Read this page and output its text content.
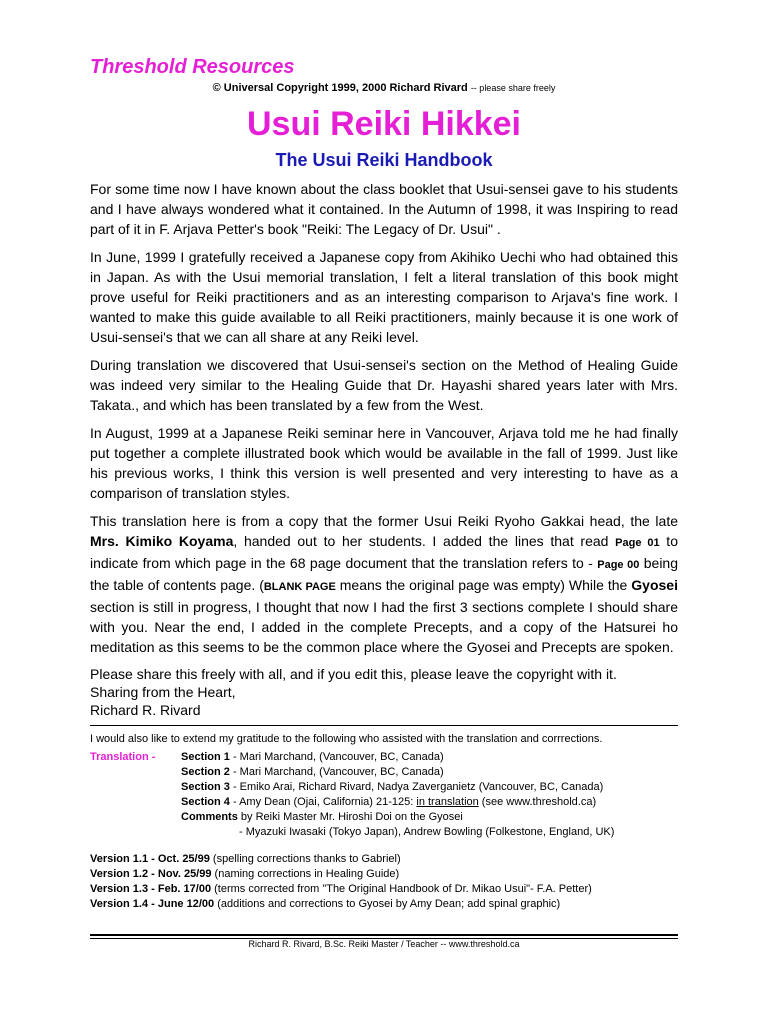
Threshold Resources

© Universal Copyright 1999, 2000 Richard Rivard -- please share freely

Usui Reiki Hikkei
The Usui Reiki Handbook

For some time now I have known about the class booklet that Usui-sensei gave to his students and I have always wondered what it contained. In the Autumn of 1998, it was Inspiring to read part of it in F. Arjava Petter's book "Reiki: The Legacy of Dr. Usui" .

In June, 1999 I gratefully received a Japanese copy from Akihiko Uechi who had obtained this in Japan. As with the Usui memorial translation, I felt a literal translation of this book might prove useful for Reiki practitioners and as an interesting comparison to Arjava's fine work. I wanted to make this guide available to all Reiki practitioners, mainly because it is one work of Usui-sensei's that we can all share at any Reiki level.

During translation we discovered that Usui-sensei's section on the Method of Healing Guide was indeed very similar to the Healing Guide that Dr. Hayashi shared years later with Mrs. Takata., and which has been translated by a few from the West.

In August, 1999 at a Japanese Reiki seminar here in Vancouver, Arjava told me he had finally put together a complete illustrated book which would be available in the fall of 1999. Just like his previous works, I think this version is well presented and very interesting to have as a comparison of translation styles.

This translation here is from a copy that the former Usui Reiki Ryoho Gakkai head, the late Mrs. Kimiko Koyama, handed out to her students. I added the lines that read Page 01 to indicate from which page in the 68 page document that the translation refers to - Page 00 being the table of contents page. (BLANK PAGE means the original page was empty) While the Gyosei section is still in progress, I thought that now I had the first 3 sections complete I should share with you. Near the end, I added in the complete Precepts, and a copy of the Hatsurei ho meditation as this seems to be the common place where the Gyosei and Precepts are spoken.

Please share this freely with all, and if you edit this, please leave the copyright with it.
Sharing from the Heart,
Richard R. Rivard

I would also like to extend my gratitude to the following who assisted with the translation and corrrections.

Translation -	Section 1 - Mari Marchand, (Vancouver, BC, Canada)
Section 2 - Mari Marchand, (Vancouver, BC, Canada)
Section 3 - Emiko Arai, Richard Rivard, Nadya Zaverganietz (Vancouver, BC, Canada)
Section 4 - Amy Dean (Ojai, California) 21-125: in translation (see www.threshold.ca)
Comments by Reiki Master Mr. Hiroshi Doi on the Gyosei
- Myazuki Iwasaki (Tokyo Japan), Andrew Bowling (Folkestone, England, UK)
Version 1.1 - Oct. 25/99 (spelling corrections thanks to Gabriel)
Version 1.2 - Nov. 25/99 (naming corrections in Healing Guide)
Version 1.3 - Feb. 17/00 (terms corrected from "The Original Handbook of Dr. Mikao Usui"- F.A. Petter)
Version 1.4 - June 12/00 (additions and corrections to Gyosei by Amy Dean; add spinal graphic)
Richard R. Rivard, B.Sc. Reiki Master / Teacher -- www.threshold.ca
